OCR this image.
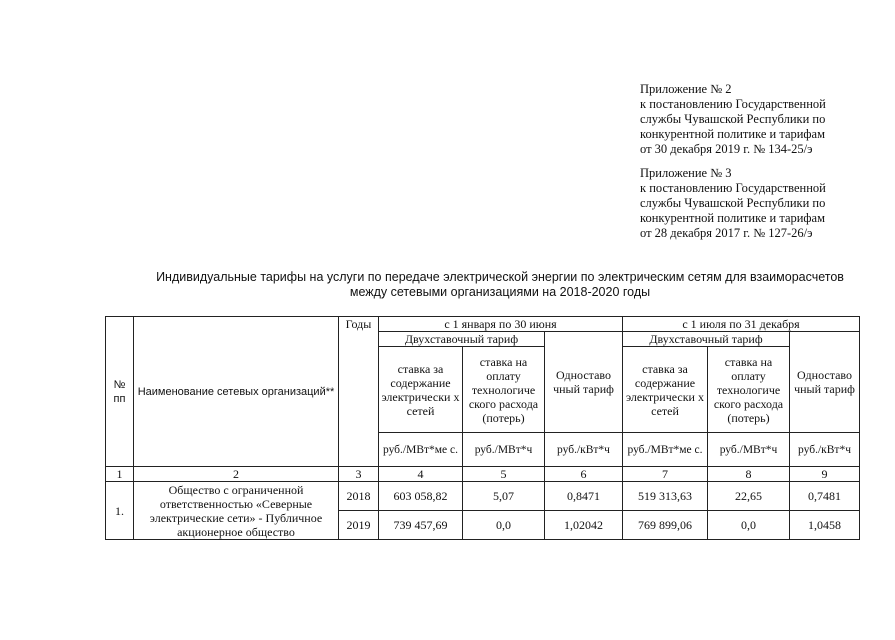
Приложение № 2
к постановлению Государственной
службы Чувашской Республики по
конкурентной политике и тарифам
от 30 декабря 2019 г. № 134-25/э
Приложение № 3
к постановлению Государственной
службы Чувашской Республики по
конкурентной политике и тарифам
от 28 декабря 2017 г. № 127-26/э
Индивидуальные тарифы на услуги по передаче электрической энергии по электрическим сетям для взаиморасчетов
между сетевыми организациями на 2018-2020 годы
№ пп	Наименование сетевых организаций**	Годы	с 1 января по 30 июня			с 1 июля по 31 декабря		
			Двухставочный тариф		Одноставо чный тариф	Двухставочный тариф		Одноставо чный тариф
			ставка за содержание электрически х сетей	ставка на оплату технологиче ского расхода (потерь)		ставка за содержание электрически х сетей	ставка на оплату технологиче ского расхода (потерь)	
			руб./МВт*ме с.	руб./МВт*ч	руб./кВт*ч	руб./МВт*ме с.	руб./МВт*ч	руб./кВт*ч
1	2	3	4	5	6	7	8	9
1.	Общество с ограниченной ответственностью «Северные электрические сети» - Публичное акционерное общество	2018	603 058,82	5,07	0,8471	519 313,63	22,65	0,7481
		2019	739 457,69	0,0	1,02042	769 899,06	0,0	1,0458
